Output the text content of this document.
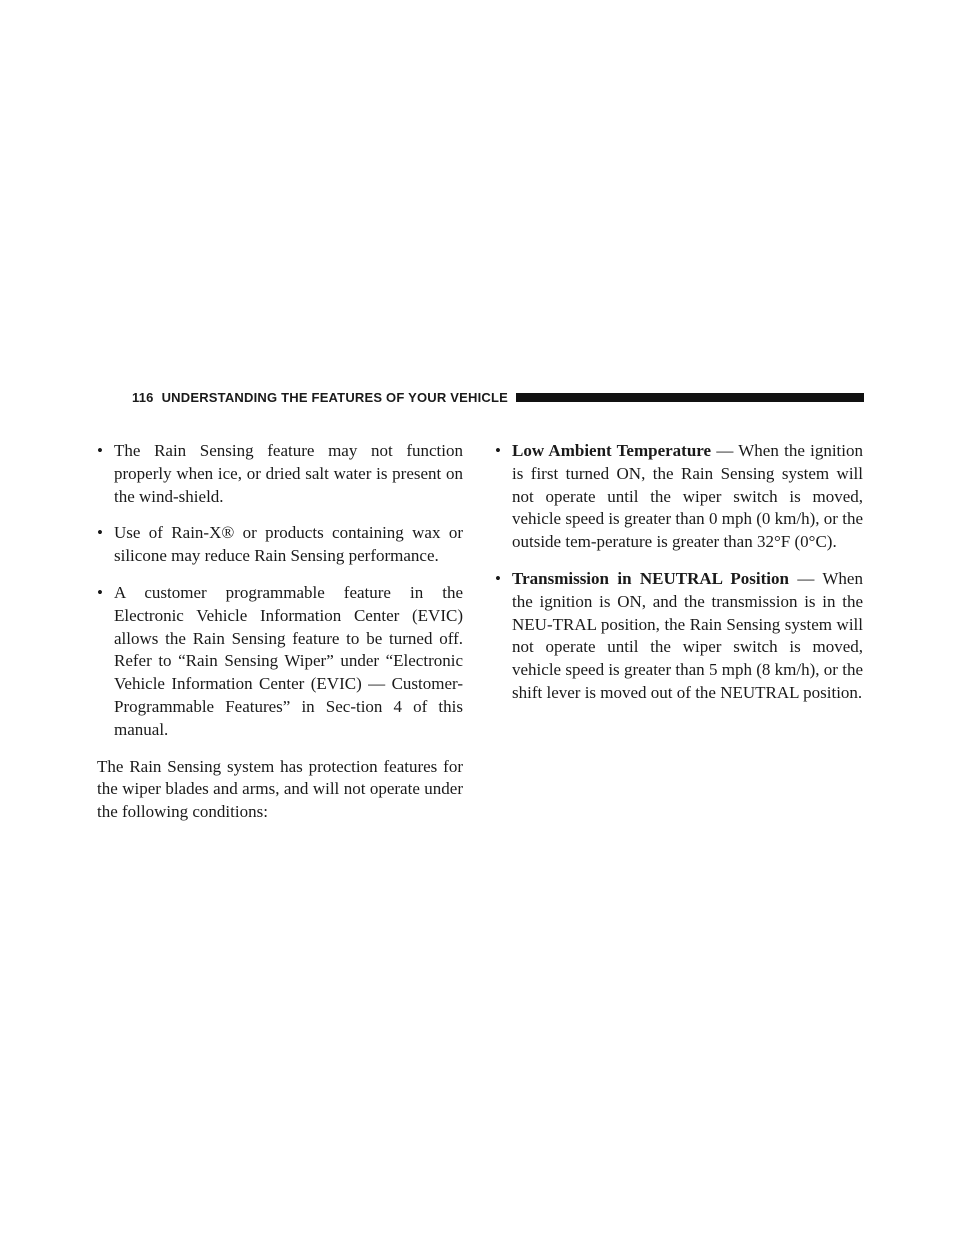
116 UNDERSTANDING THE FEATURES OF YOUR VEHICLE
• The Rain Sensing feature may not function properly when ice, or dried salt water is present on the wind-shield.
• Use of Rain-X® or products containing wax or silicone may reduce Rain Sensing performance.
• A customer programmable feature in the Electronic Vehicle Information Center (EVIC) allows the Rain Sensing feature to be turned off. Refer to “Rain Sensing Wiper” under “Electronic Vehicle Information Center (EVIC) — Customer-Programmable Features” in Sec-tion 4 of this manual.

The Rain Sensing system has protection features for the wiper blades and arms, and will not operate under the following conditions:

• Low Ambient Temperature — When the ignition is first turned ON, the Rain Sensing system will not operate until the wiper switch is moved, vehicle speed is greater than 0 mph (0 km/h), or the outside tem-perature is greater than 32°F (0°C).
• Transmission in NEUTRAL Position — When the ignition is ON, and the transmission is in the NEU-TRAL position, the Rain Sensing system will not operate until the wiper switch is moved, vehicle speed is greater than 5 mph (8 km/h), or the shift lever is moved out of the NEUTRAL position.
